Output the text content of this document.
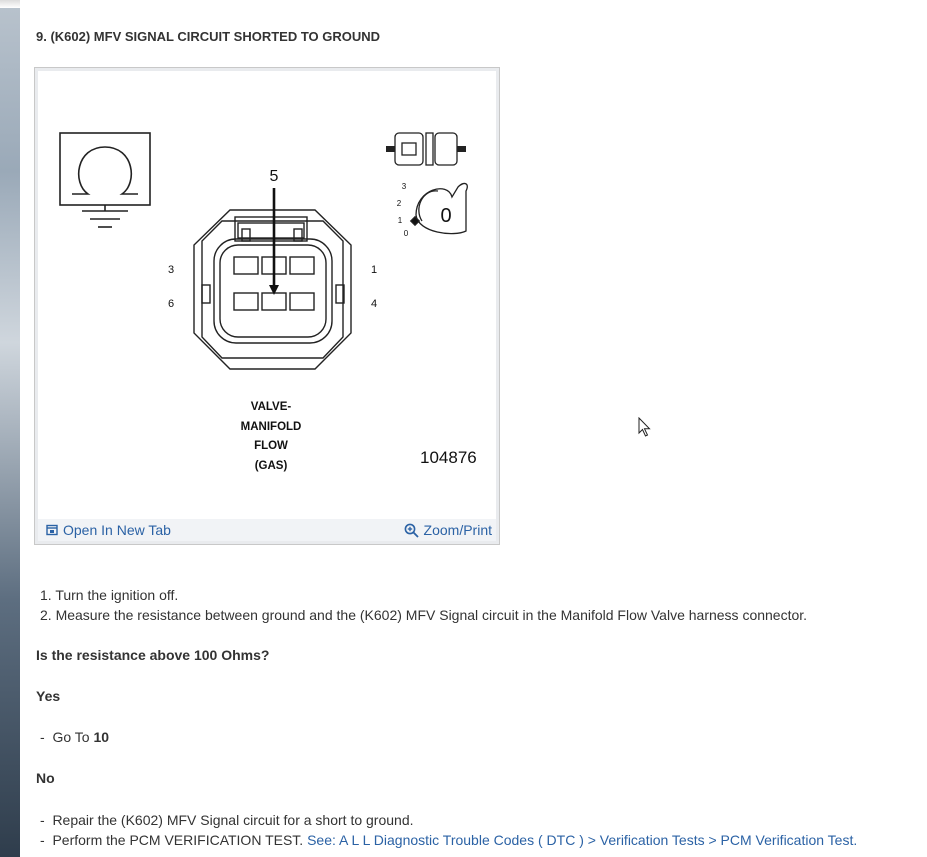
9. (K602) MFV SIGNAL CIRCUIT SHORTED TO GROUND
5
3
6
1
4
0
3
2
1
0
VALVE-
MANIFOLD
FLOW
(GAS)	104876
Open In New Tab	Zoom/Print
1. Turn the ignition off.
2. Measure the resistance between ground and the (K602) MFV Signal circuit in the Manifold Flow Valve harness connector.
Is the resistance above 100 Ohms?
Yes
-  Go To 10
No
-  Repair the (K602) MFV Signal circuit for a short to ground.
-  Perform the PCM VERIFICATION TEST. See: A L L Diagnostic Trouble Codes ( DTC ) > Verification Tests > PCM Verification Test.
